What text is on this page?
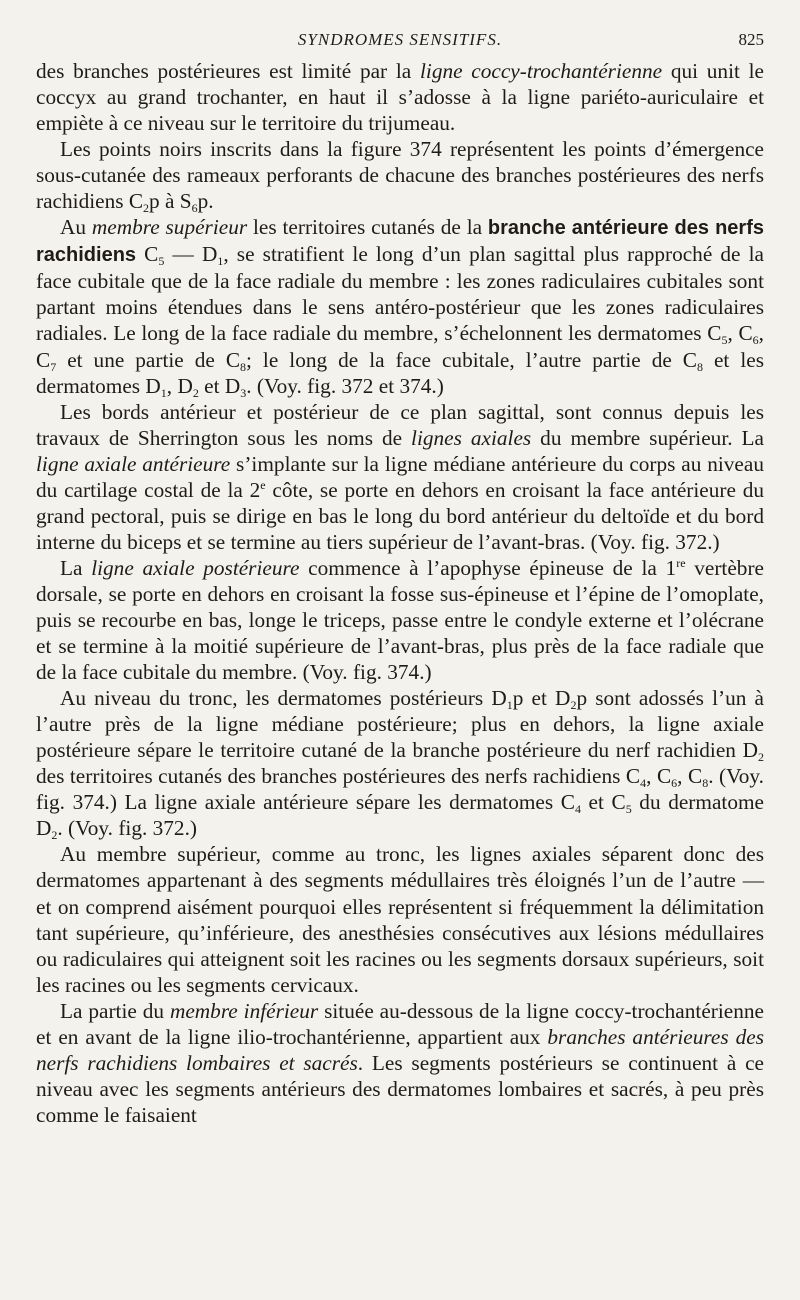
SYNDROMES SENSITIFS.	825

des branches postérieures est limité par la ligne coccy-trochantérienne qui unit le coccyx au grand trochanter, en haut il s’adosse à la ligne pariéto-auriculaire et empiète à ce niveau sur le territoire du trijumeau.

Les points noirs inscrits dans la figure 374 représentent les points d’émergence sous-cutanée des rameaux perforants de chacune des branches postérieures des nerfs rachidiens $C_2p$ à $S_6p$.

Au membre supérieur les territoires cutanés de la branche antérieure des nerfs rachidiens $C_5$ — $D_1$, se stratifient le long d’un plan sagittal plus rapproché de la face cubitale que de la face radiale du membre : les zones radiculaires cubitales sont partant moins étendues dans le sens antéro-postérieur que les zones radiculaires radiales. Le long de la face radiale du membre, s’échelonnent les dermatomes $C_5$, $C_6$, $C_7$ et une partie de $C_8$; le long de la face cubitale, l’autre partie de $C_8$ et les dermatomes $D_1$, $D_2$ et $D_3$. (Voy. fig. 372 et 374.)

Les bords antérieur et postérieur de ce plan sagittal, sont connus depuis les travaux de Sherrington sous les noms de lignes axiales du membre supérieur. La ligne axiale antérieure s’implante sur la ligne médiane antérieure du corps au niveau du cartilage costal de la 2e côte, se porte en dehors en croisant la face antérieure du grand pectoral, puis se dirige en bas le long du bord antérieur du deltoïde et du bord interne du biceps et se termine au tiers supérieur de l’avant-bras. (Voy. fig. 372.)

La ligne axiale postérieure commence à l’apophyse épineuse de la 1re vertèbre dorsale, se porte en dehors en croisant la fosse sus-épineuse et l’épine de l’omoplate, puis se recourbe en bas, longe le triceps, passe entre le condyle externe et l’olécrane et se termine à la moitié supérieure de l’avant-bras, plus près de la face radiale que de la face cubitale du membre. (Voy. fig. 374.)

Au niveau du tronc, les dermatomes postérieurs $D_1p$ et $D_2p$ sont adossés l’un à l’autre près de la ligne médiane postérieure; plus en dehors, la ligne axiale postérieure sépare le territoire cutané de la branche postérieure du nerf rachidien $D_2$ des territoires cutanés des branches postérieures des nerfs rachidiens $C_4$, $C_6$, $C_8$. (Voy. fig. 374.) La ligne axiale antérieure sépare les dermatomes $C_4$ et $C_5$ du dermatome $D_2$. (Voy. fig. 372.)

Au membre supérieur, comme au tronc, les lignes axiales séparent donc des dermatomes appartenant à des segments médullaires très éloignés l’un de l’autre — et on comprend aisément pourquoi elles représentent si fréquemment la délimitation tant supérieure, qu’inférieure, des anesthésies consécutives aux lésions médullaires ou radiculaires qui atteignent soit les racines ou les segments dorsaux supérieurs, soit les racines ou les segments cervicaux.

La partie du membre inférieur située au-dessous de la ligne coccy-trochantérienne et en avant de la ligne ilio-trochantérienne, appartient aux branches antérieures des nerfs rachidiens lombaires et sacrés. Les segments postérieurs se continuent à ce niveau avec les segments antérieurs des dermatomes lombaires et sacrés, à peu près comme le faisaient
